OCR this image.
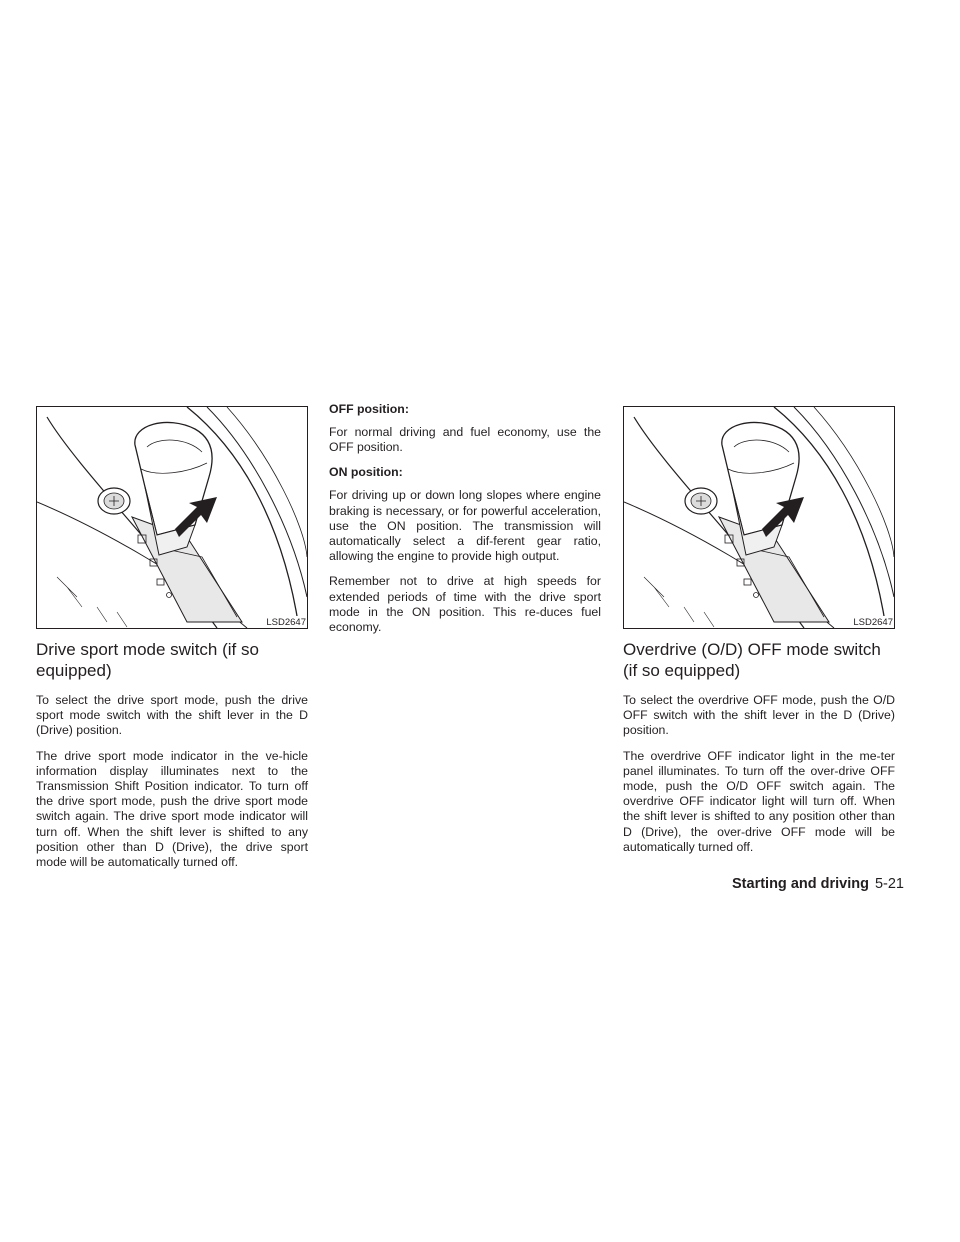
LSD2647
Drive sport mode switch (if so equipped)

To select the drive sport mode, push the drive sport mode switch with the shift lever in the D (Drive) position.

The drive sport mode indicator in the ve-hicle information display illuminates next to the Transmission Shift Position indicator. To turn off the drive sport mode, push the drive sport mode switch again. The drive sport mode indicator will turn off. When the shift lever is shifted to any position other than D (Drive), the drive sport mode will be automatically turned off.

OFF position:

For normal driving and fuel economy, use the OFF position.

ON position:

For driving up or down long slopes where engine braking is necessary, or for powerful acceleration, use the ON position. The transmission will automatically select a dif-ferent gear ratio, allowing the engine to provide high output.

Remember not to drive at high speeds for extended periods of time with the drive sport mode in the ON position. This re-duces fuel economy.	LSD2647
Overdrive (O/D) OFF mode switch (if so equipped)

To select the overdrive OFF mode, push the O/D OFF switch with the shift lever in the D (Drive) position.

The overdrive OFF indicator light in the me-ter panel illuminates. To turn off the over-drive OFF mode, push the O/D OFF switch again. The overdrive OFF indicator light will turn off. When the shift lever is shifted to any position other than D (Drive), the over-drive OFF mode will be automatically turned off.

Starting and driving 5-21
